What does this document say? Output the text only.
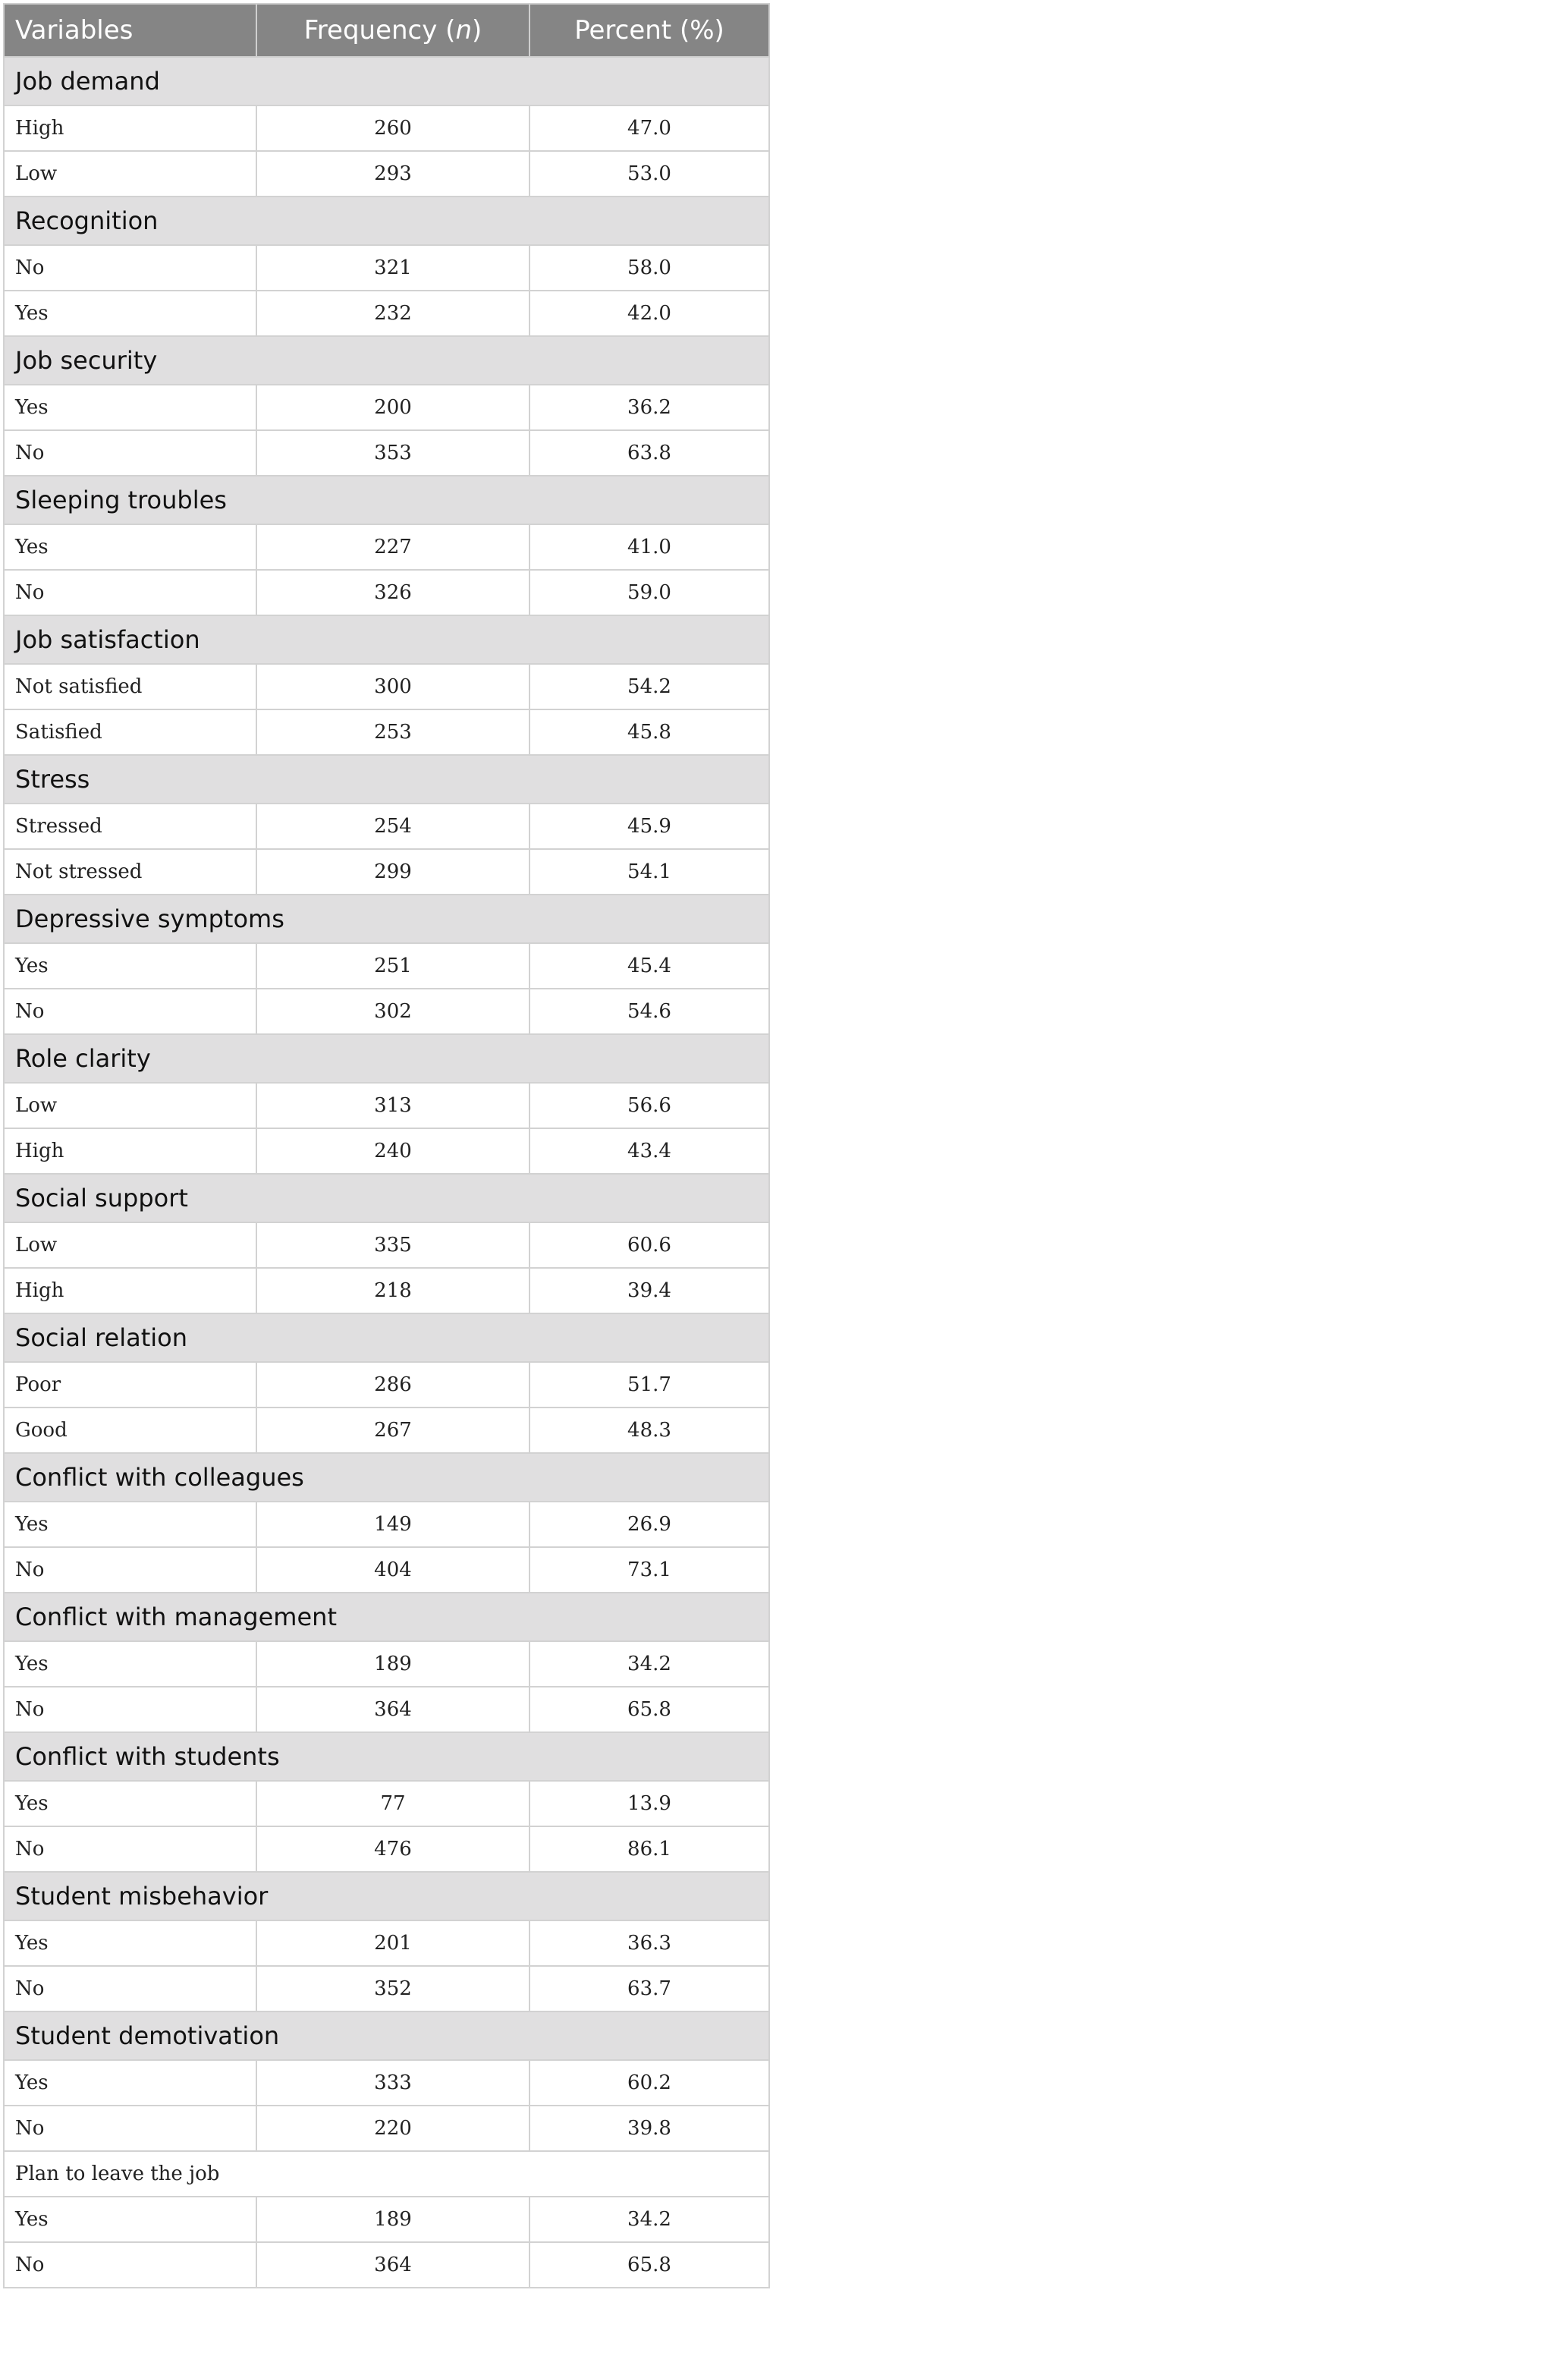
Variables	Frequency (n)	Percent (%)
Job demand		
High	260	47.0
Low	293	53.0
Recognition		
No	321	58.0
Yes	232	42.0
Job security		
Yes	200	36.2
No	353	63.8
Sleeping troubles		
Yes	227	41.0
No	326	59.0
Job satisfaction		
Not satisfied	300	54.2
Satisfied	253	45.8
Stress		
Stressed	254	45.9
Not stressed	299	54.1
Depressive symptoms		
Yes	251	45.4
No	302	54.6
Role clarity		
Low	313	56.6
High	240	43.4
Social support		
Low	335	60.6
High	218	39.4
Social relation		
Poor	286	51.7
Good	267	48.3
Conflict with colleagues		
Yes	149	26.9
No	404	73.1
Conflict with management		
Yes	189	34.2
No	364	65.8
Conflict with students		
Yes	77	13.9
No	476	86.1
Student misbehavior		
Yes	201	36.3
No	352	63.7
Student demotivation		
Yes	333	60.2
No	220	39.8
Plan to leave the job		
Yes	189	34.2
No	364	65.8
